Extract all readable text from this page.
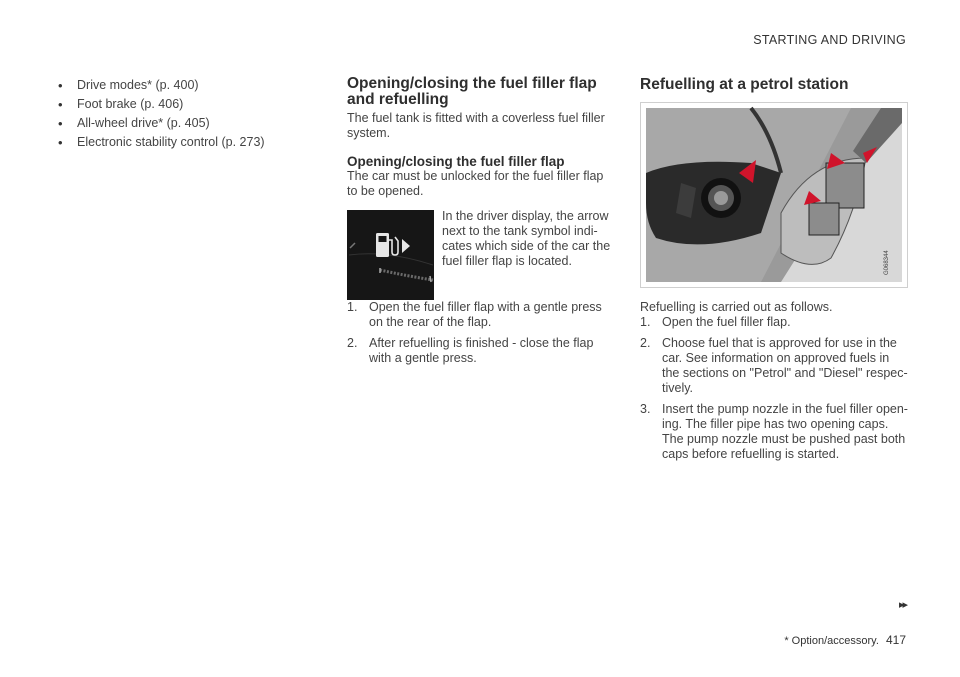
STARTING AND DRIVING
• Drive modes* (p. 400)
• Foot brake (p. 406)
• All-wheel drive* (p. 405)
• Electronic stability control (p. 273)
Opening/closing the fuel filler flap and refuelling

The fuel tank is fitted with a coverless fuel filler system.

Opening/closing the fuel filler flap

The car must be unlocked for the fuel filler flap to be opened.

In the driver display, the arrow next to the tank symbol indi-cates which side of the car the fuel filler flap is located.

1. Open the fuel filler flap with a gentle press on the rear of the flap.
2. After refuelling is finished - close the flap with a gentle press.
Refuelling at a petrol station
G068344

Refuelling is carried out as follows.

1. Open the fuel filler flap.
2. Choose fuel that is approved for use in the car. See information on approved fuels in the sections on "Petrol" and "Diesel" respec-tively.
3. Insert the pump nozzle in the fuel filler open-ing. The filler pipe has two opening caps. The pump nozzle must be pushed past both caps before refuelling is started.
▸▸
* Option/accessory. 417
